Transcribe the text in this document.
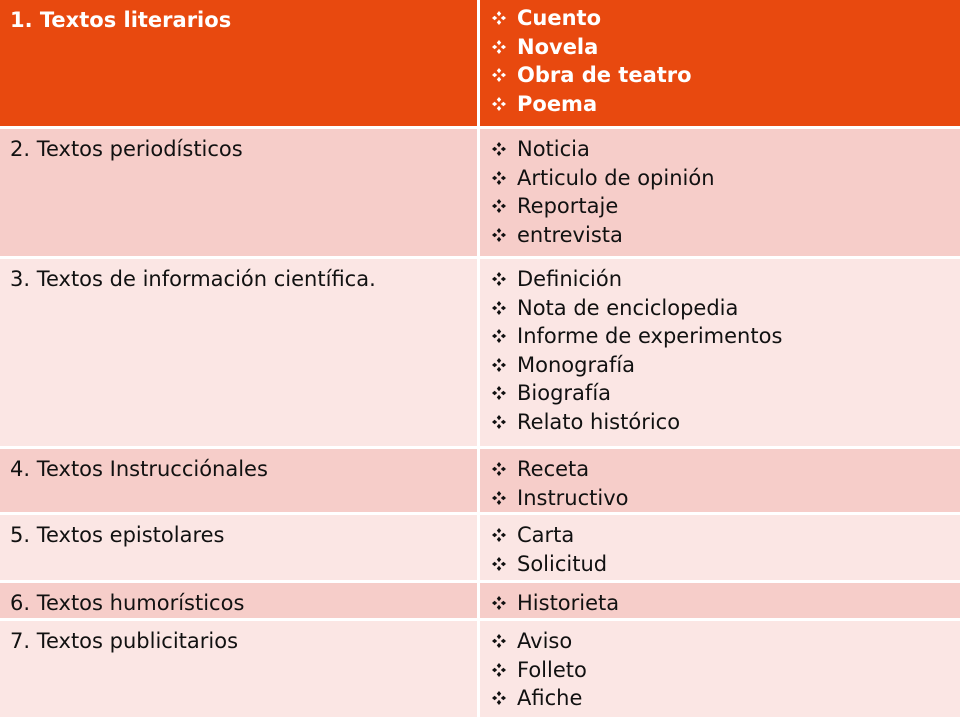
1. Textos literarios	Cuento
Novela
Obra de teatro
Poema
2. Textos periodísticos	Noticia
Articulo de opinión
Reportaje
entrevista
3. Textos de información científica.	Definición
Nota de enciclopedia
Informe de experimentos
Monografía
Biografía
Relato histórico
4. Textos Instrucciónales	Receta
Instructivo
5. Textos epistolares	Carta
Solicitud
6. Textos humorísticos	Historieta
7. Textos publicitarios	Aviso
Folleto
Afiche
